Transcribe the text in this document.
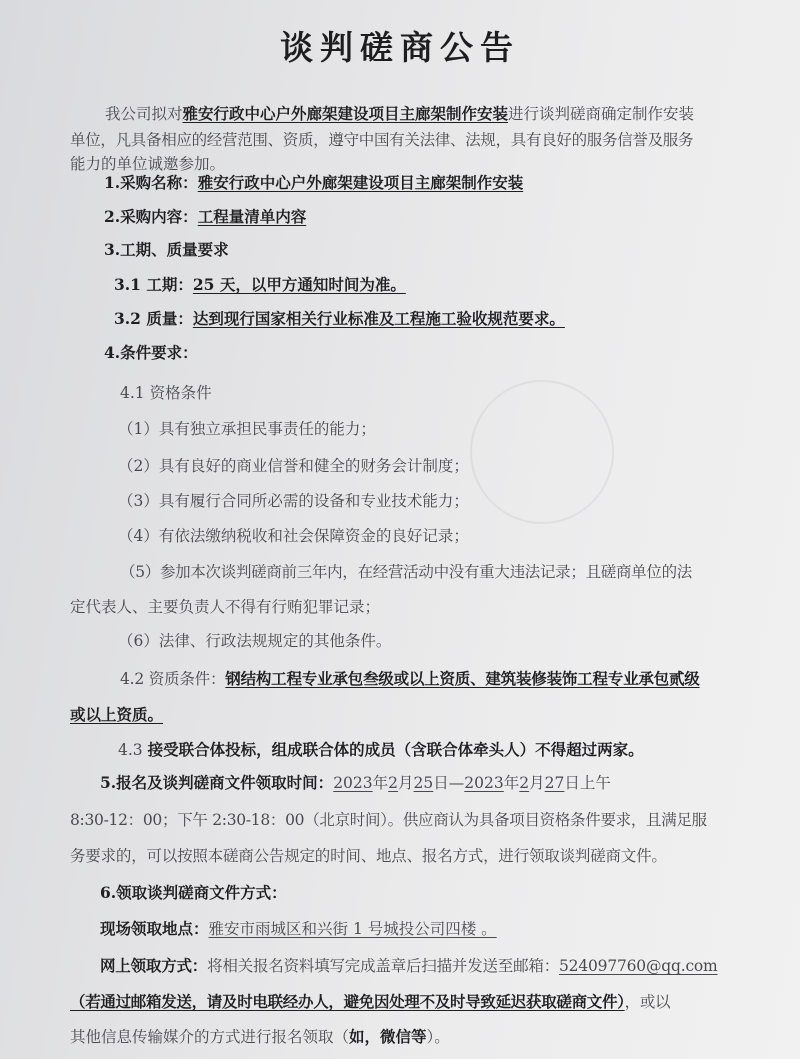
谈判磋商公告
我公司拟对雅安行政中心户外廊架建设项目主廊架制作安装进行谈判磋商确定制作安装
单位，凡具备相应的经营范围、资质，遵守中国有关法律、法规，具有良好的服务信誉及服务
能力的单位诚邀参加。
1.采购名称：雅安行政中心户外廊架建设项目主廊架制作安装
2.采购内容：工程量清单内容
3.工期、质量要求
3.1 工期：25 天，以甲方通知时间为准。
3.2 质量：达到现行国家相关行业标准及工程施工验收规范要求。
4.条件要求：
4.1 资格条件
（1）具有独立承担民事责任的能力；
（2）具有良好的商业信誉和健全的财务会计制度；
（3）具有履行合同所必需的设备和专业技术能力；
（4）有依法缴纳税收和社会保障资金的良好记录；
（5）参加本次谈判磋商前三年内，在经营活动中没有重大违法记录；且磋商单位的法
定代表人、主要负责人不得有行贿犯罪记录；
（6）法律、行政法规规定的其他条件。
4.2 资质条件：钢结构工程专业承包叁级或以上资质、建筑装修装饰工程专业承包贰级
或以上资质。
4.3 接受联合体投标，组成联合体的成员（含联合体牵头人）不得超过两家。
5.报名及谈判磋商文件领取时间：2023年2月25日—2023年2月27日上午
8:30-12：00；下午 2:30-18：00（北京时间）。供应商认为具备项目资格条件要求，且满足服
务要求的，可以按照本磋商公告规定的时间、地点、报名方式，进行领取谈判磋商文件。
6.领取谈判磋商文件方式：
现场领取地点：雅安市雨城区和兴街 1 号城投公司四楼 。
网上领取方式：将相关报名资料填写完成盖章后扫描并发送至邮箱：524097760@qq.com
（若通过邮箱发送，请及时电联经办人，避免因处理不及时导致延迟获取磋商文件），或以
其他信息传输媒介的方式进行报名领取（如，微信等）。
